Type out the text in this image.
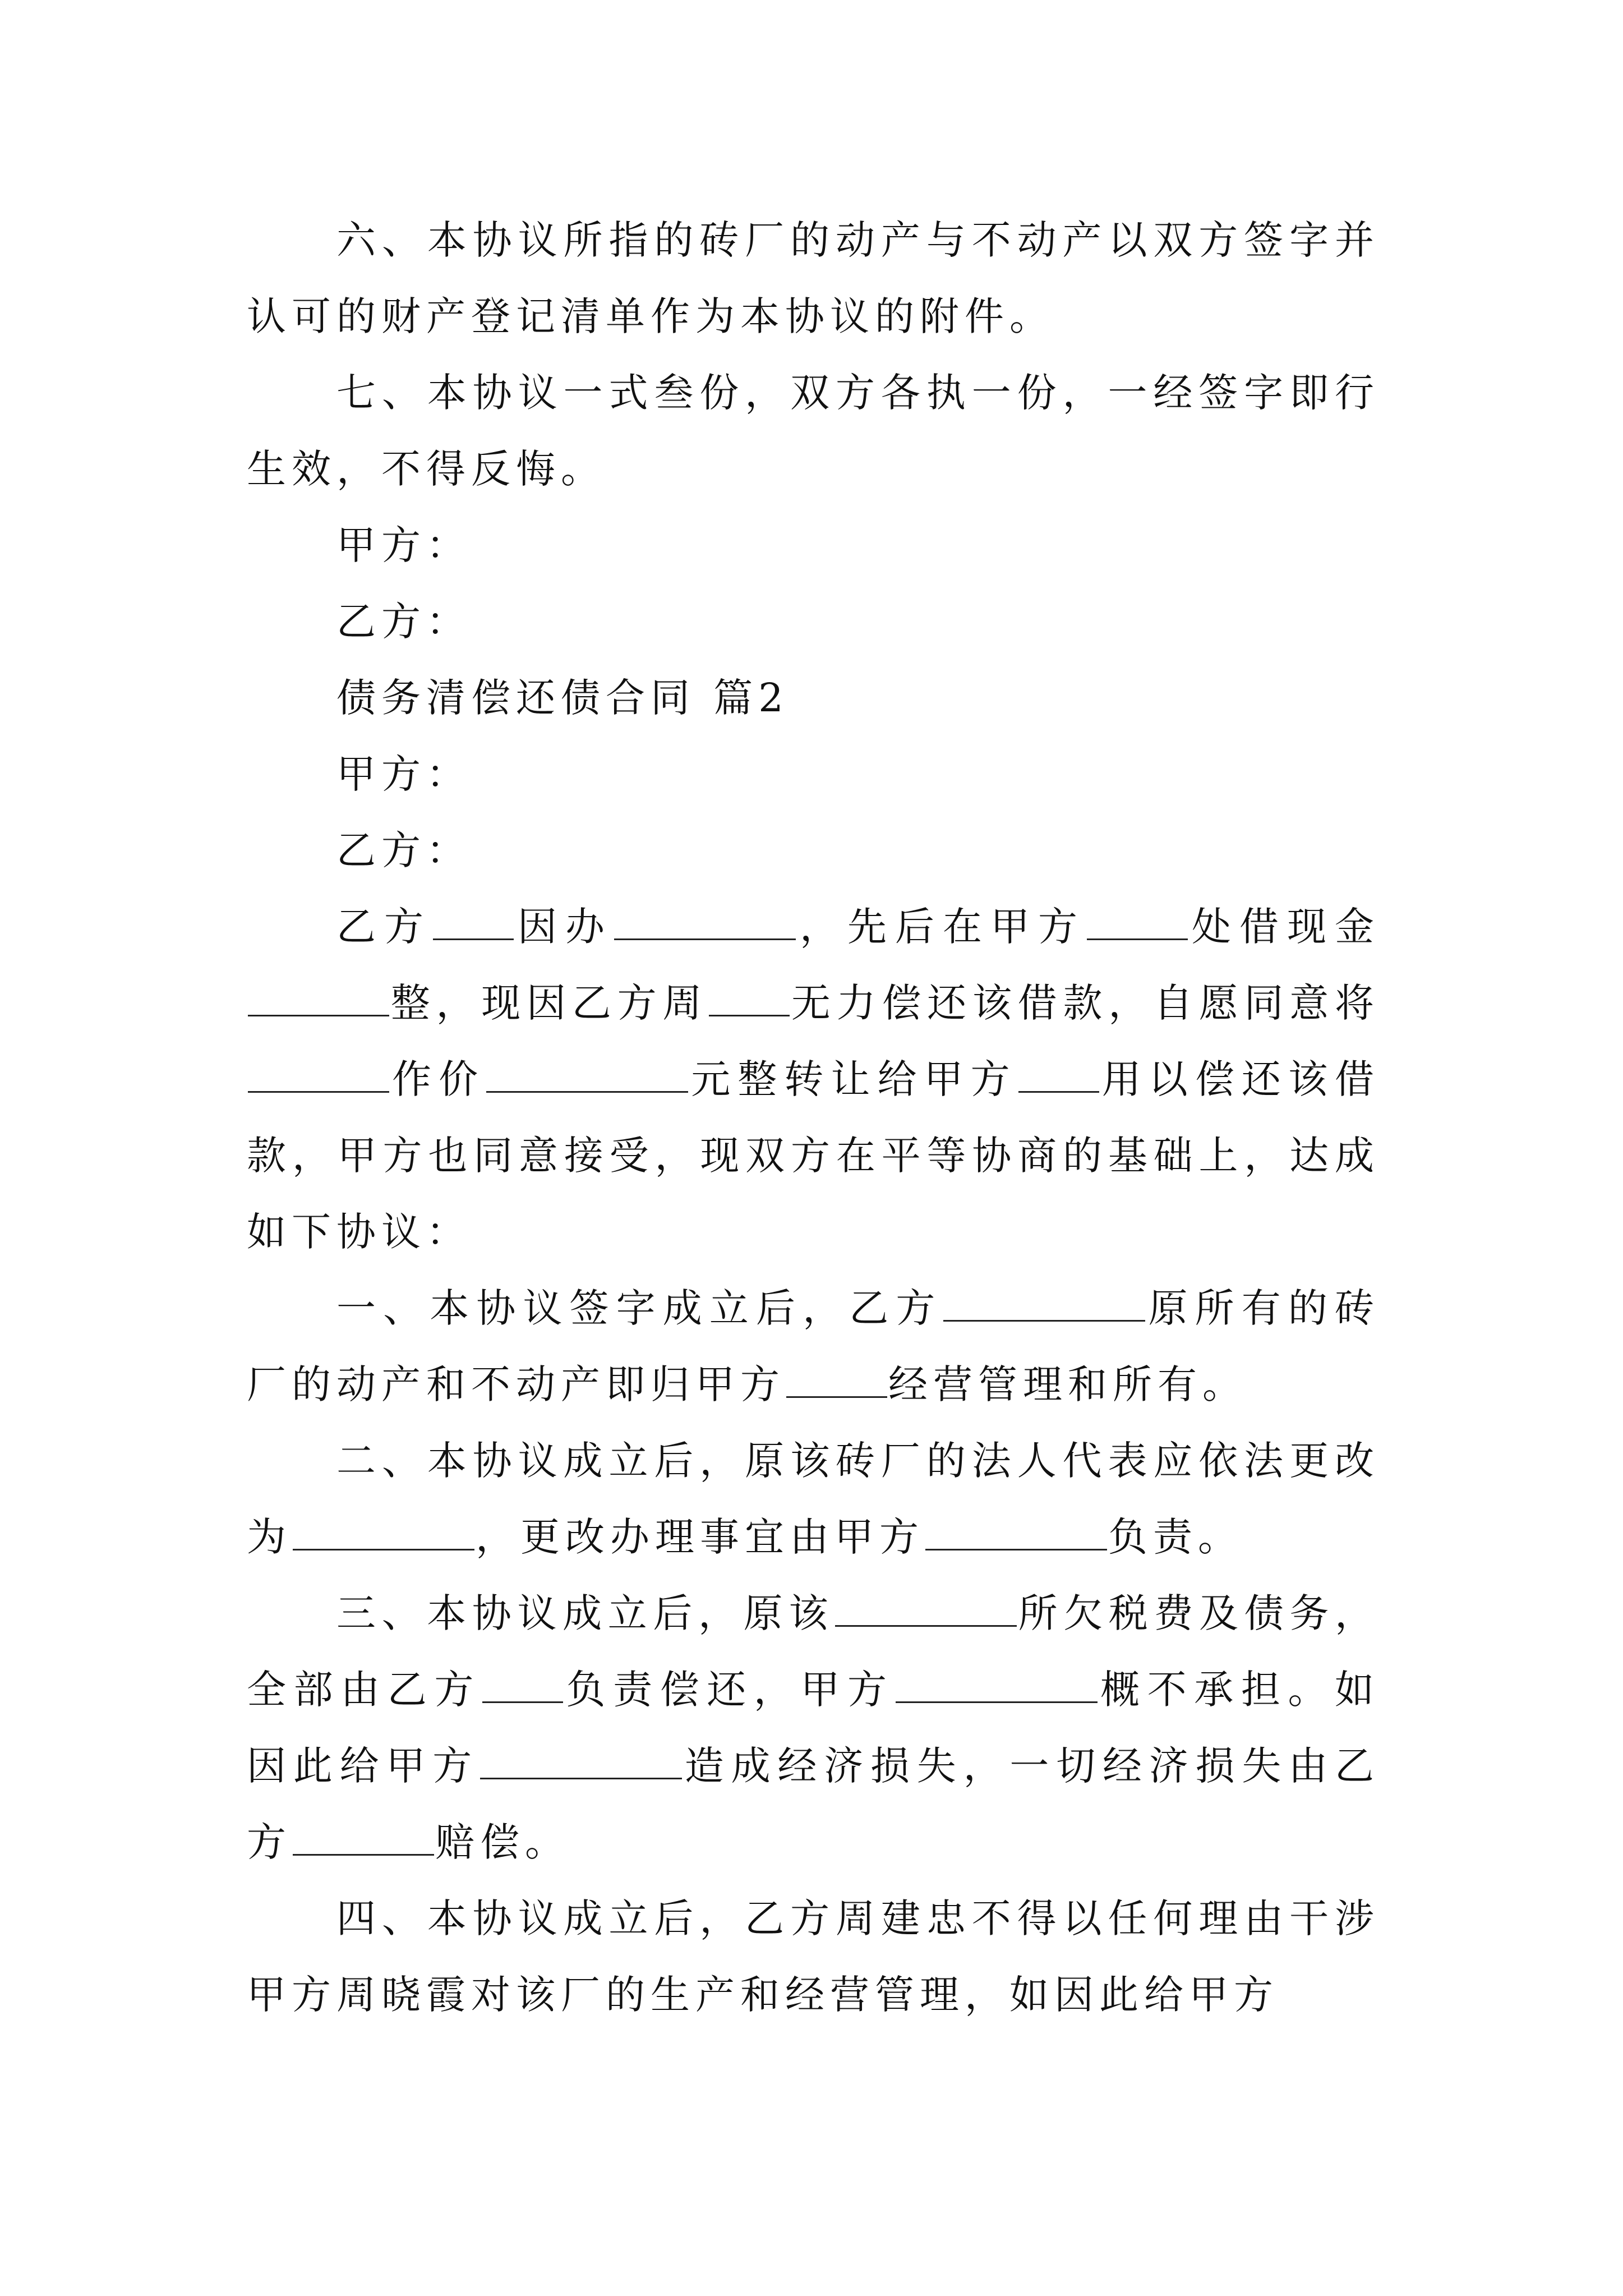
六、本协议所指的砖厂的动产与不动产以双方签字并认可的财产登记清单作为本协议的附件。

七、本协议一式叁份，双方各执一份，一经签字即行生效，不得反悔。

甲方：

乙方：

债务清偿还债合同 篇2

甲方：

乙方：

乙方 因办	，先后在甲方	处借现金整，现因乙方周 无力偿还该借款，自愿同意将作价	元整转让给甲方 用以偿还该借款，甲方也同意接受，现双方在平等协商的基础上，达成如下协议：

一、本协议签字成立后，乙方	原所有的砖厂的动产和不动产即归甲方	经营管理和所有。

二、本协议成立后，原该砖厂的法人代表应依法更改为	，更改办理事宜由甲方	负责。

三、本协议成立后，原该	所欠税费及债务，全部由乙方 负责偿还，甲方	概不承担。如因此给甲方	造成经济损失，一切经济损失由乙方	赔偿。

四、本协议成立后，乙方周建忠不得以任何理由干涉甲方周晓霞对该厂的生产和经营管理，如因此给甲方
